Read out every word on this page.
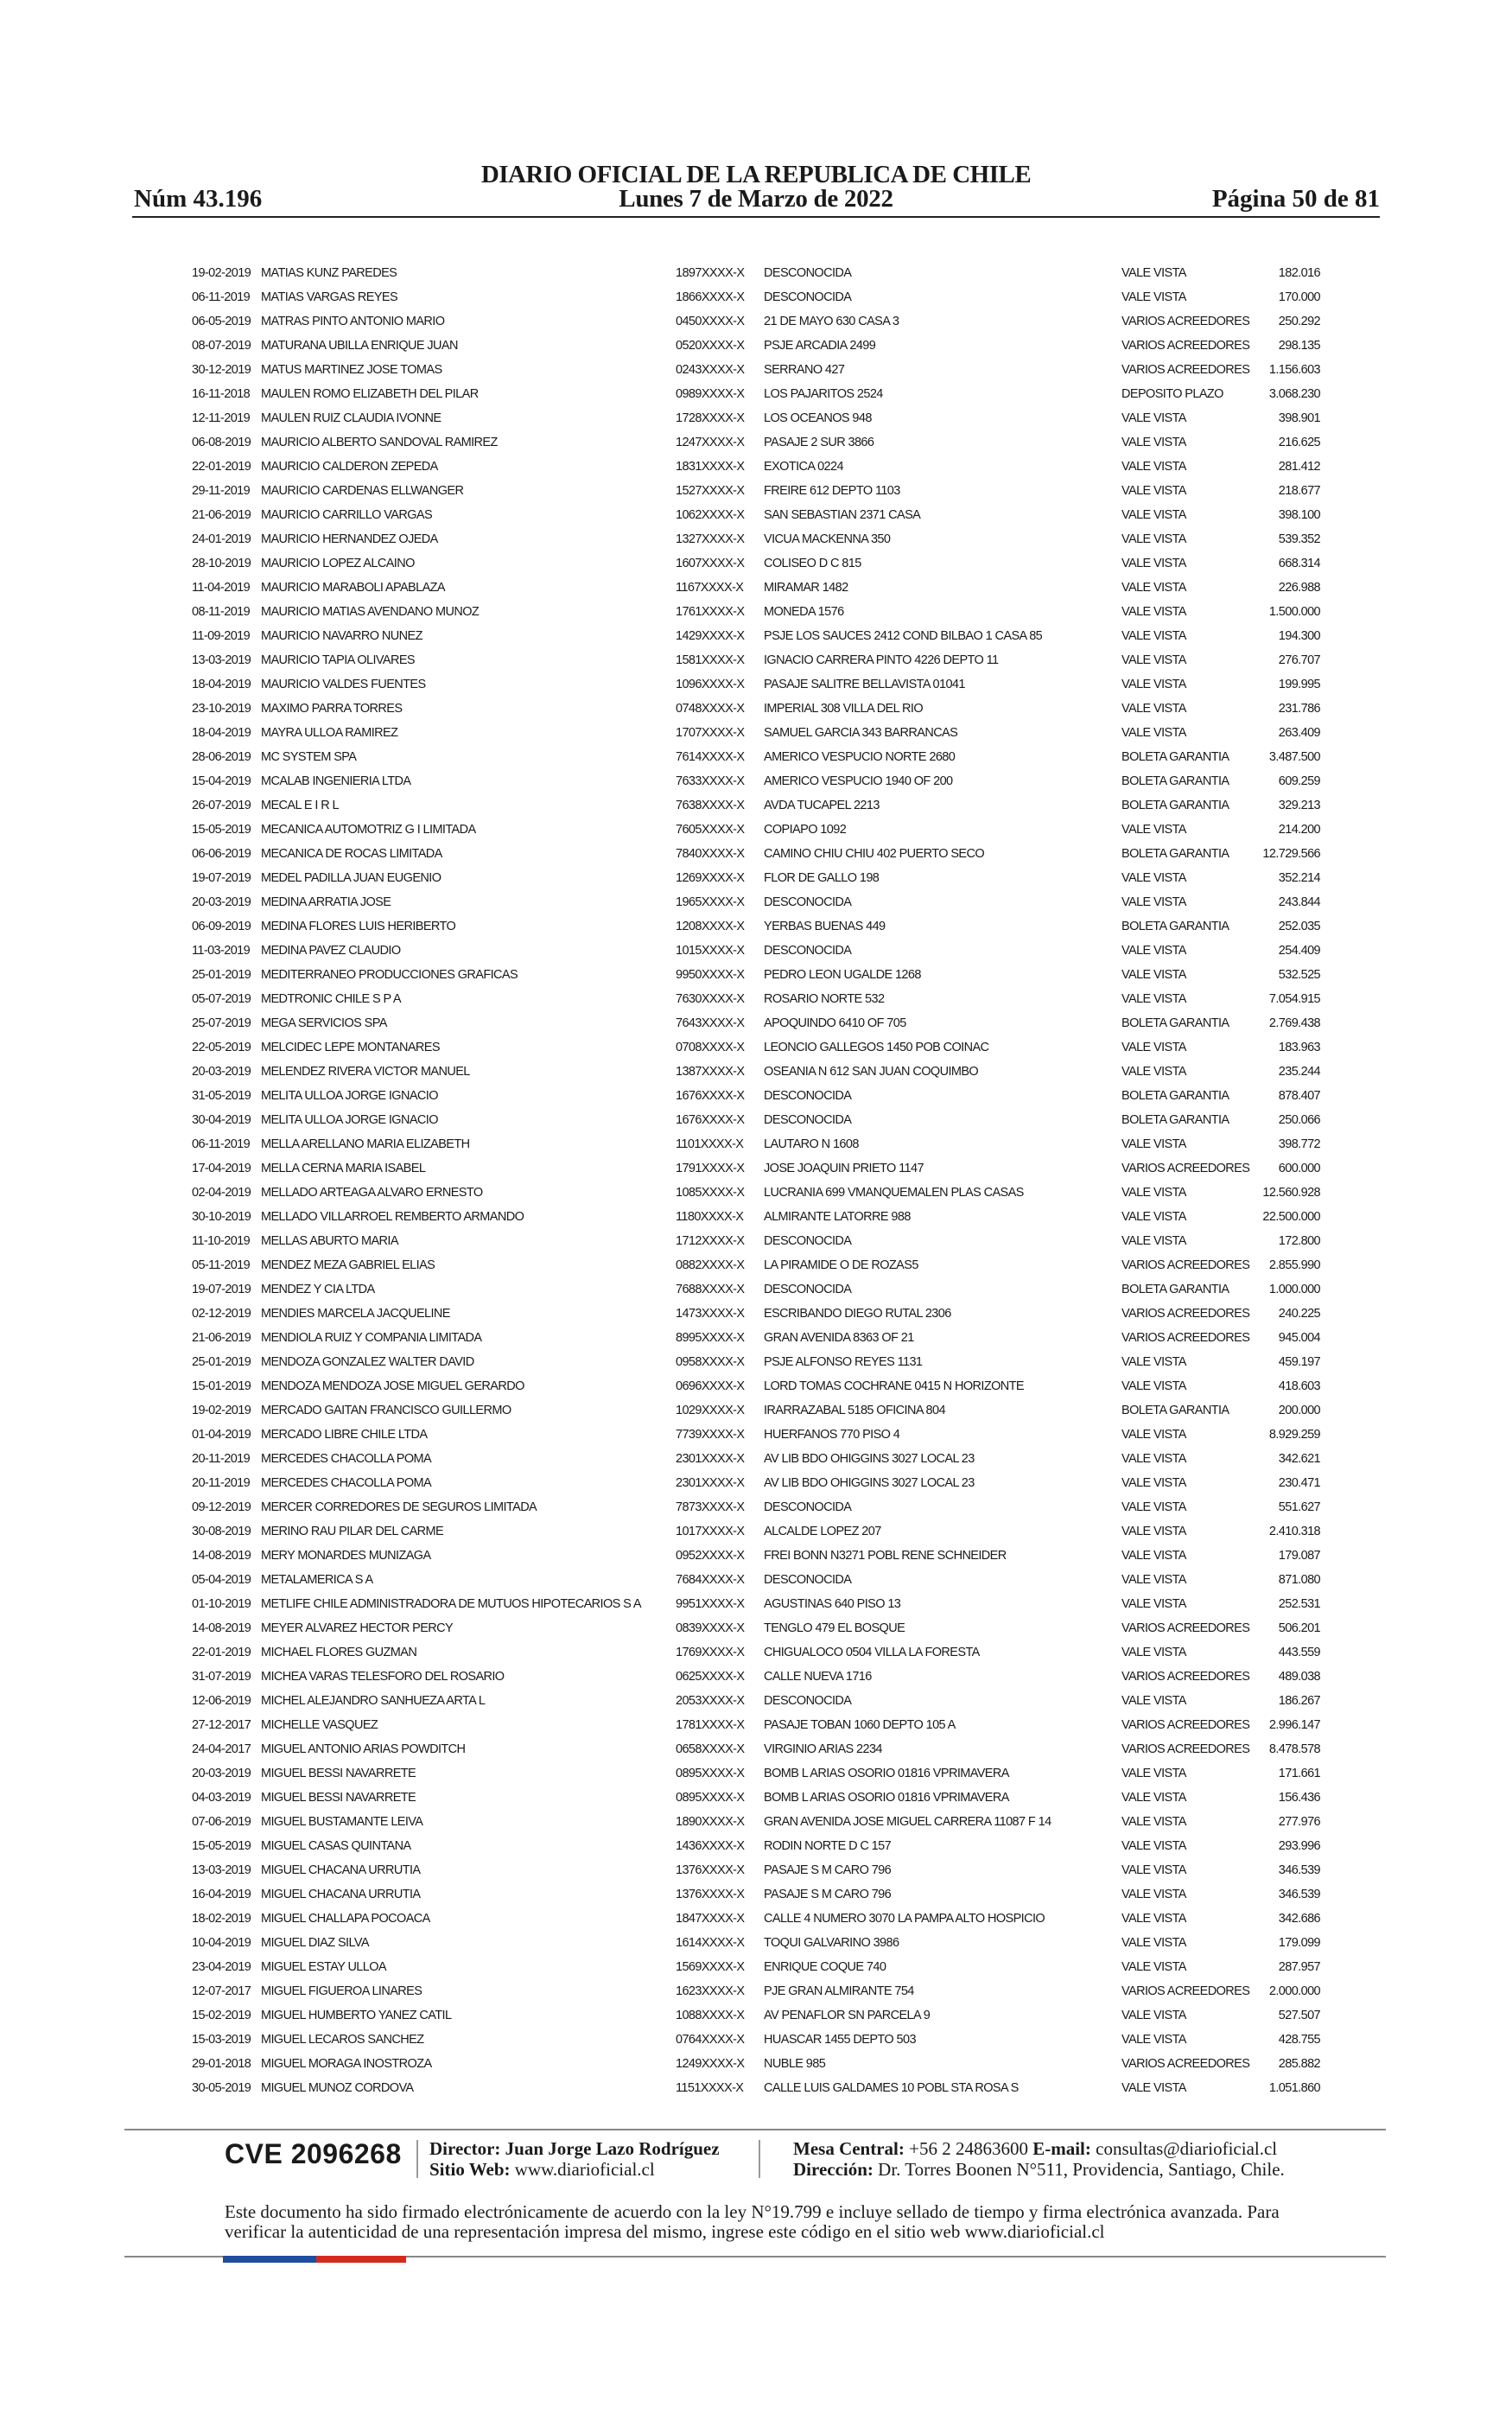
DIARIO OFICIAL DE LA REPUBLICA DE CHILE
Núm 43.196	Lunes 7 de Marzo de 2022	Página 50 de 81
19-02-2019 MATIAS KUNZ PAREDES	1897XXXX-X DESCONOCIDA	VALE VISTA	182.016
06-11-2019 MATIAS VARGAS REYES	1866XXXX-X DESCONOCIDA	VALE VISTA	170.000
06-05-2019 MATRAS PINTO ANTONIO MARIO	0450XXXX-X 21 DE MAYO 630 CASA 3	VARIOS ACREEDORES 250.292
08-07-2019 MATURANA UBILLA ENRIQUE JUAN	0520XXXX-X PSJE ARCADIA 2499	VARIOS ACREEDORES 298.135
30-12-2019 MATUS MARTINEZ JOSE TOMAS	0243XXXX-X SERRANO 427	VARIOS ACREEDORES 1.156.603
16-11-2018 MAULEN ROMO ELIZABETH DEL PILAR	0989XXXX-X LOS PAJARITOS 2524	DEPOSITO PLAZO	3.068.230
12-11-2019 MAULEN RUIZ CLAUDIA IVONNE	1728XXXX-X LOS OCEANOS 948	VALE VISTA	398.901
06-08-2019 MAURICIO ALBERTO SANDOVAL RAMIREZ	1247XXXX-X PASAJE 2 SUR 3866	VALE VISTA	216.625
22-01-2019 MAURICIO CALDERON ZEPEDA	1831XXXX-X EXOTICA 0224	VALE VISTA	281.412
29-11-2019 MAURICIO CARDENAS ELLWANGER	1527XXXX-X FREIRE 612 DEPTO 1103	VALE VISTA	218.677
21-06-2019 MAURICIO CARRILLO VARGAS	1062XXXX-X SAN SEBASTIAN 2371 CASA	VALE VISTA	398.100
24-01-2019 MAURICIO HERNANDEZ OJEDA	1327XXXX-X VICUA MACKENNA 350	VALE VISTA	539.352
28-10-2019 MAURICIO LOPEZ ALCAINO	1607XXXX-X COLISEO D C 815	VALE VISTA	668.314
11-04-2019 MAURICIO MARABOLI APABLAZA	1167XXXX-X MIRAMAR 1482	VALE VISTA	226.988
08-11-2019 MAURICIO MATIAS AVENDANO MUNOZ	1761XXXX-X MONEDA 1576	VALE VISTA	1.500.000
11-09-2019 MAURICIO NAVARRO NUNEZ	1429XXXX-X PSJE LOS SAUCES 2412 COND BILBAO 1 CASA 85	VALE VISTA	194.300
13-03-2019 MAURICIO TAPIA OLIVARES	1581XXXX-X IGNACIO CARRERA PINTO 4226 DEPTO 11	VALE VISTA	276.707
18-04-2019 MAURICIO VALDES FUENTES	1096XXXX-X PASAJE SALITRE BELLAVISTA 01041	VALE VISTA	199.995
23-10-2019 MAXIMO PARRA TORRES	0748XXXX-X IMPERIAL 308 VILLA DEL RIO	VALE VISTA	231.786
18-04-2019 MAYRA ULLOA RAMIREZ	1707XXXX-X SAMUEL GARCIA 343 BARRANCAS	VALE VISTA	263.409
28-06-2019 MC SYSTEM SPA	7614XXXX-X AMERICO VESPUCIO NORTE 2680	BOLETA GARANTIA	3.487.500
15-04-2019 MCALAB INGENIERIA LTDA	7633XXXX-X AMERICO VESPUCIO 1940 OF 200	BOLETA GARANTIA	609.259
26-07-2019 MECAL E I R L	7638XXXX-X AVDA TUCAPEL 2213	BOLETA GARANTIA	329.213
15-05-2019 MECANICA AUTOMOTRIZ G I LIMITADA	7605XXXX-X COPIAPO 1092	VALE VISTA	214.200
06-06-2019 MECANICA DE ROCAS LIMITADA	7840XXXX-X CAMINO CHIU CHIU 402 PUERTO SECO	BOLETA GARANTIA	12.729.566
19-07-2019 MEDEL PADILLA JUAN EUGENIO	1269XXXX-X FLOR DE GALLO 198	VALE VISTA	352.214
20-03-2019 MEDINA ARRATIA JOSE	1965XXXX-X DESCONOCIDA	VALE VISTA	243.844
06-09-2019 MEDINA FLORES LUIS HERIBERTO	1208XXXX-X YERBAS BUENAS 449	BOLETA GARANTIA	252.035
11-03-2019 MEDINA PAVEZ CLAUDIO	1015XXXX-X DESCONOCIDA	VALE VISTA	254.409
25-01-2019 MEDITERRANEO PRODUCCIONES GRAFICAS	9950XXXX-X PEDRO LEON UGALDE 1268	VALE VISTA	532.525
05-07-2019 MEDTRONIC CHILE S P A	7630XXXX-X ROSARIO NORTE 532	VALE VISTA	7.054.915
25-07-2019 MEGA SERVICIOS SPA	7643XXXX-X APOQUINDO 6410 OF 705	BOLETA GARANTIA	2.769.438
22-05-2019 MELCIDEC LEPE MONTANARES	0708XXXX-X LEONCIO GALLEGOS 1450 POB COINAC	VALE VISTA	183.963
20-03-2019 MELENDEZ RIVERA VICTOR MANUEL	1387XXXX-X OSEANIA N 612 SAN JUAN COQUIMBO	VALE VISTA	235.244
31-05-2019 MELITA ULLOA JORGE IGNACIO	1676XXXX-X DESCONOCIDA	BOLETA GARANTIA	878.407
30-04-2019 MELITA ULLOA JORGE IGNACIO	1676XXXX-X DESCONOCIDA	BOLETA GARANTIA	250.066
06-11-2019 MELLA ARELLANO MARIA ELIZABETH	1101XXXX-X LAUTARO N 1608	VALE VISTA	398.772
17-04-2019 MELLA CERNA MARIA ISABEL	1791XXXX-X JOSE JOAQUIN PRIETO 1147	VARIOS ACREEDORES 600.000
02-04-2019 MELLADO ARTEAGA ALVARO ERNESTO	1085XXXX-X LUCRANIA 699 VMANQUEMALEN PLAS CASAS	VALE VISTA	12.560.928
30-10-2019 MELLADO VILLARROEL REMBERTO ARMANDO	1180XXXX-X ALMIRANTE LATORRE 988	VALE VISTA	22.500.000
11-10-2019 MELLAS ABURTO MARIA	1712XXXX-X DESCONOCIDA	VALE VISTA	172.800
05-11-2019 MENDEZ MEZA GABRIEL ELIAS	0882XXXX-X LA PIRAMIDE O DE ROZAS5	VARIOS ACREEDORES 2.855.990
19-07-2019 MENDEZ Y CIA LTDA	7688XXXX-X DESCONOCIDA	BOLETA GARANTIA	1.000.000
02-12-2019 MENDIES MARCELA JACQUELINE	1473XXXX-X ESCRIBANDO DIEGO RUTAL 2306	VARIOS ACREEDORES 240.225
21-06-2019 MENDIOLA RUIZ Y COMPANIA LIMITADA	8995XXXX-X GRAN AVENIDA 8363 OF 21	VARIOS ACREEDORES 945.004
25-01-2019 MENDOZA GONZALEZ WALTER DAVID	0958XXXX-X PSJE ALFONSO REYES 1131	VALE VISTA	459.197
15-01-2019 MENDOZA MENDOZA JOSE MIGUEL GERARDO	0696XXXX-X LORD TOMAS COCHRANE 0415 N HORIZONTE	VALE VISTA	418.603
19-02-2019 MERCADO GAITAN FRANCISCO GUILLERMO	1029XXXX-X IRARRAZABAL 5185 OFICINA 804	BOLETA GARANTIA	200.000
01-04-2019 MERCADO LIBRE CHILE LTDA	7739XXXX-X HUERFANOS 770 PISO 4	VALE VISTA	8.929.259
20-11-2019 MERCEDES CHACOLLA POMA	2301XXXX-X AV LIB BDO OHIGGINS 3027 LOCAL 23	VALE VISTA	342.621
20-11-2019 MERCEDES CHACOLLA POMA	2301XXXX-X AV LIB BDO OHIGGINS 3027 LOCAL 23	VALE VISTA	230.471
09-12-2019 MERCER CORREDORES DE SEGUROS LIMITADA	7873XXXX-X DESCONOCIDA	VALE VISTA	551.627
30-08-2019 MERINO RAU PILAR DEL CARME	1017XXXX-X ALCALDE LOPEZ 207	VALE VISTA	2.410.318
14-08-2019 MERY MONARDES MUNIZAGA	0952XXXX-X FREI BONN N3271 POBL RENE SCHNEIDER	VALE VISTA	179.087
05-04-2019 METALAMERICA S A	7684XXXX-X DESCONOCIDA	VALE VISTA	871.080
01-10-2019 METLIFE CHILE ADMINISTRADORA DE MUTUOS HIPOTECARIOS S A	9951XXXX-X AGUSTINAS 640 PISO 13	VALE VISTA	252.531
14-08-2019 MEYER ALVAREZ HECTOR PERCY	0839XXXX-X TENGLO 479 EL BOSQUE	VARIOS ACREEDORES 506.201
22-01-2019 MICHAEL FLORES GUZMAN	1769XXXX-X CHIGUALOCO 0504 VILLA LA FORESTA	VALE VISTA	443.559
31-07-2019 MICHEA VARAS TELESFORO DEL ROSARIO	0625XXXX-X CALLE NUEVA 1716	VARIOS ACREEDORES 489.038
12-06-2019 MICHEL ALEJANDRO SANHUEZA ARTA L	2053XXXX-X DESCONOCIDA	VALE VISTA	186.267
27-12-2017 MICHELLE VASQUEZ	1781XXXX-X PASAJE TOBAN 1060 DEPTO 105 A	VARIOS ACREEDORES 2.996.147
24-04-2017 MIGUEL ANTONIO ARIAS POWDITCH	0658XXXX-X VIRGINIO ARIAS 2234	VARIOS ACREEDORES 8.478.578
20-03-2019 MIGUEL BESSI NAVARRETE	0895XXXX-X BOMB L ARIAS OSORIO 01816 VPRIMAVERA	VALE VISTA	171.661
04-03-2019 MIGUEL BESSI NAVARRETE	0895XXXX-X BOMB L ARIAS OSORIO 01816 VPRIMAVERA	VALE VISTA	156.436
07-06-2019 MIGUEL BUSTAMANTE LEIVA	1890XXXX-X GRAN AVENIDA JOSE MIGUEL CARRERA 11087 F 14	VALE VISTA	277.976
15-05-2019 MIGUEL CASAS QUINTANA	1436XXXX-X RODIN NORTE D C 157	VALE VISTA	293.996
13-03-2019 MIGUEL CHACANA URRUTIA	1376XXXX-X PASAJE S M CARO 796	VALE VISTA	346.539
16-04-2019 MIGUEL CHACANA URRUTIA	1376XXXX-X PASAJE S M CARO 796	VALE VISTA	346.539
18-02-2019 MIGUEL CHALLAPA POCOACA	1847XXXX-X CALLE 4 NUMERO 3070 LA PAMPA ALTO HOSPICIO	VALE VISTA	342.686
10-04-2019 MIGUEL DIAZ SILVA	1614XXXX-X TOQUI GALVARINO 3986	VALE VISTA	179.099
23-04-2019 MIGUEL ESTAY ULLOA	1569XXXX-X ENRIQUE COQUE 740	VALE VISTA	287.957
12-07-2017 MIGUEL FIGUEROA LINARES	1623XXXX-X PJE GRAN ALMIRANTE 754	VARIOS ACREEDORES 2.000.000
15-02-2019 MIGUEL HUMBERTO YANEZ CATIL	1088XXXX-X AV PENAFLOR SN PARCELA 9	VALE VISTA	527.507
15-03-2019 MIGUEL LECAROS SANCHEZ	0764XXXX-X HUASCAR 1455 DEPTO 503	VALE VISTA	428.755
29-01-2018 MIGUEL MORAGA INOSTROZA	1249XXXX-X NUBLE 985	VARIOS ACREEDORES 285.882
30-05-2019 MIGUEL MUNOZ CORDOVA	1151XXXX-X CALLE LUIS GALDAMES 10 POBL STA ROSA S	VALE VISTA	1.051.860
CVE 2096268 Director: Juan Jorge Lazo Rodríguez
Sitio Web: www.diarioficial.cl
Mesa Central: +56 2 24863600 E-mail: consultas@diarioficial.cl
Dirección: Dr. Torres Boonen N°511, Providencia, Santiago, Chile.
Este documento ha sido firmado electrónicamente de acuerdo con la ley N°19.799 e incluye sellado de tiempo y firma electrónica avanzada. Para verificar la autenticidad de una representación impresa del mismo, ingrese este código en el sitio web www.diarioficial.cl
